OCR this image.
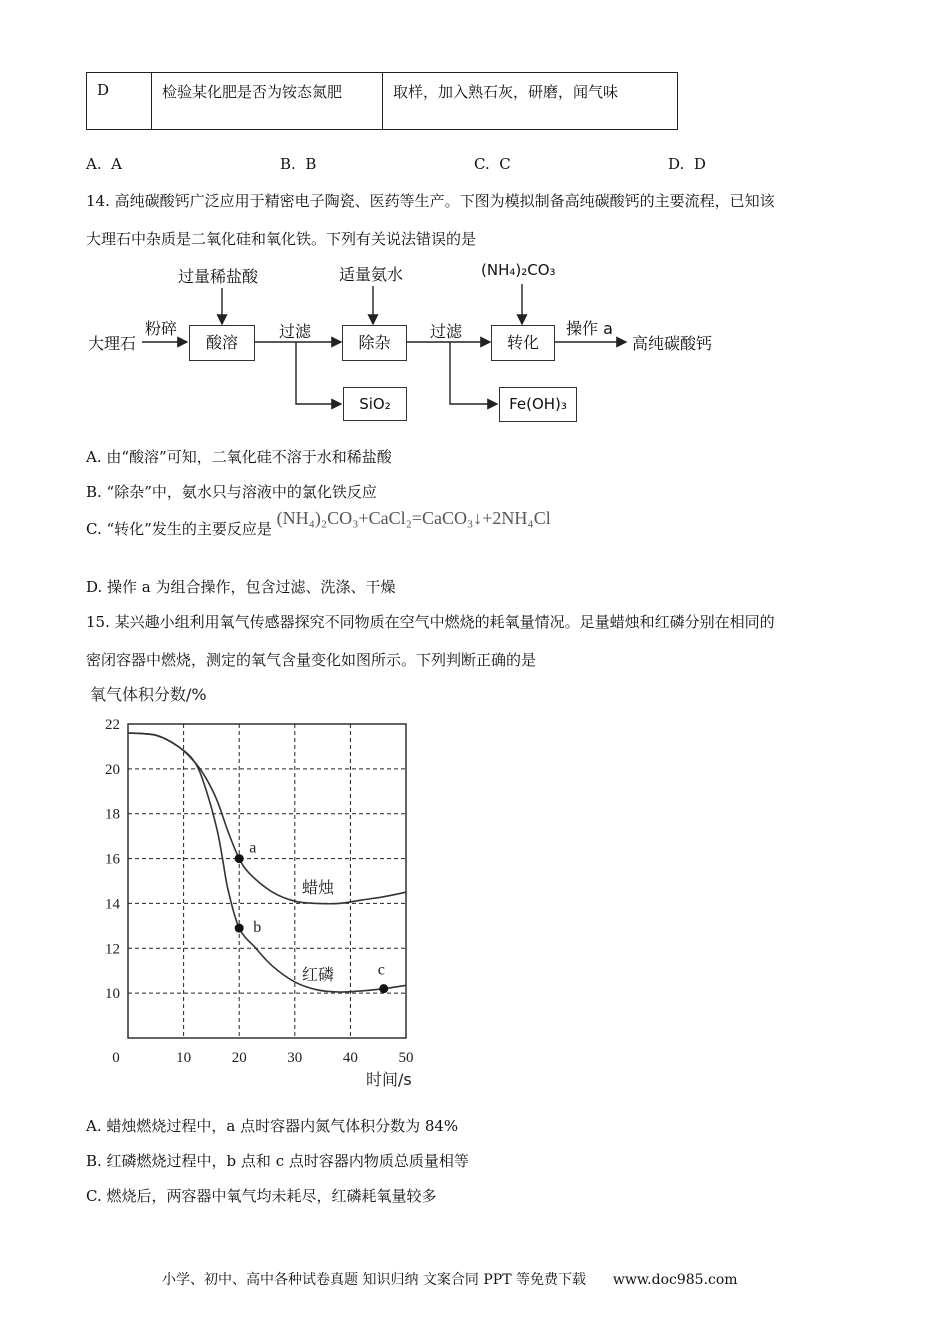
D	检验某化肥是否为铵态氮肥	取样，加入熟石灰，研磨，闻气味
A. A	B. B	C. C	D. D
14. 高纯碳酸钙广泛应用于精密电子陶瓷、医药等生产。下图为模拟制备高纯碳酸钙的主要流程，已知该
大理石中杂质是二氧化硅和氧化铁。下列有关说法错误的是
过量稀盐酸	适量氨水	(NH₄)₂CO₃
大理石
粉碎
酸溶
过滤
除杂
过滤
转化
操作 a
高纯碳酸钙
SiO₂	Fe(OH)₃
A. 由“酸溶”可知，二氧化硅不溶于水和稀盐酸
B. “除杂”中，氨水只与溶液中的氯化铁反应
C. “转化”发生的主要反应是 (NH₄)₂CO₃+CaCl₂=CaCO₃↓+2NH₄Cl
D. 操作 a 为组合操作，包含过滤、洗涤、干燥
15. 某兴趣小组利用氧气传感器探究不同物质在空气中燃烧的耗氧量情况。足量蜡烛和红磷分别在相同的
密闭容器中燃烧，测定的氧气含量变化如图所示。下列判断正确的是
10
12
14
16
18
20
22
0	10	20	30	40	50
氧气体积分数/%
时间/s
蜡烛
红磷
a
b
c
A. 蜡烛燃烧过程中，a 点时容器内氮气体积分数为 84%
B. 红磷燃烧过程中，b 点和 c 点时容器内物质总质量相等
C. 燃烧后，两容器中氧气均未耗尽，红磷耗氧量较多
小学、初中、高中各种试卷真题 知识归纳 文案合同 PPT 等免费下载 www.doc985.com
